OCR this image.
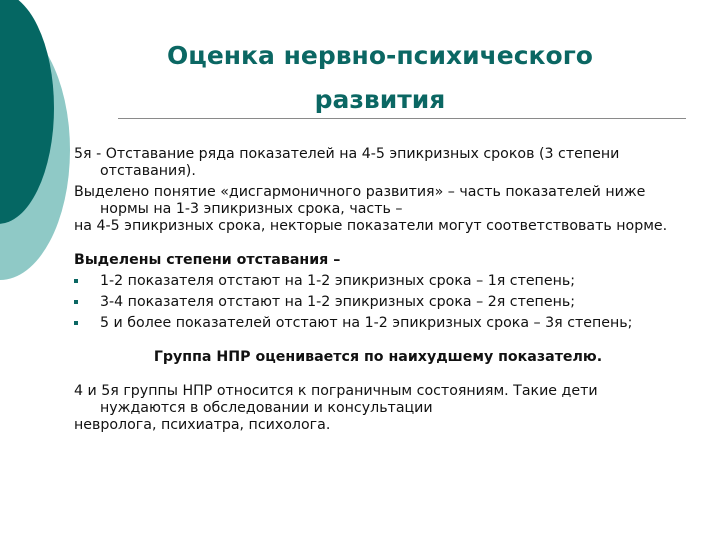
Оценка нервно-психического
развития

5я - Отставание ряда показателей на 4-5 эпикризных сроков (3 степени отставания).

Выделено понятие «дисгармоничного развития» – часть показателей ниже нормы на 1-3 эпикризных срока, часть –

на 4-5 эпикризных срока, некторые показатели могут соответствовать норме.

Выделены степени отставания –

1-2 показателя отстают на 1-2 эпикризных срока – 1я степень;

3-4 показателя отстают на 1-2 эпикризных срока – 2я степень;

5 и более показателей отстают на 1-2 эпикризных срока – 3я степень;

Группа НПР оценивается по наихудшему показателю.

4 и 5я группы НПР относится к пограничным состояниям. Такие дети нуждаются в обследовании и консультации

невролога, психиатра, психолога.
